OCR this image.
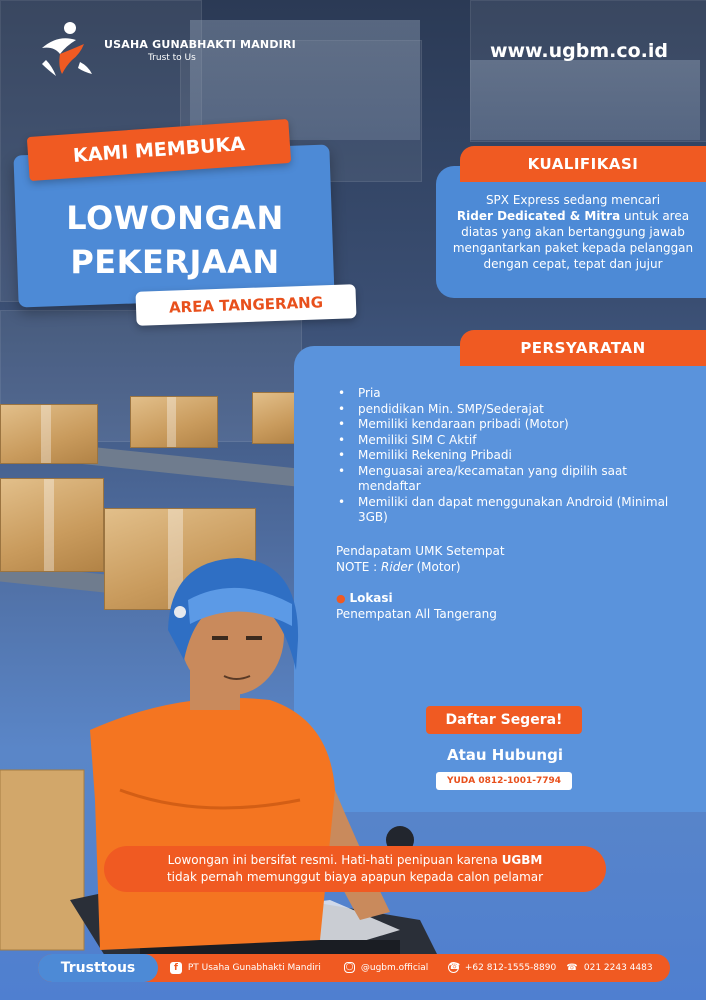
USAHA GUNABHAKTI MANDIRI
Trust to Us	www.ugbm.co.id
KAMI MEMBUKA
LOWONGAN
PEKERJAAN
AREA TANGERANG
KUALIFIKASI
SPX Express sedang mencari
Rider Dedicated & Mitra untuk area diatas yang akan bertanggung jawab mengantarkan paket kepada pelanggan dengan cepat, tepat dan jujur
PERSYARATAN
• Pria
• pendidikan Min. SMP/Sederajat
• Memiliki kendaraan pribadi (Motor)
• Memiliki SIM C Aktif
• Memiliki Rekening Pribadi
• Menguasai area/kecamatan yang dipilih saat mendaftar
• Memiliki dan dapat menggunakan Android (Minimal 3GB)
Pendapatam UMK Setempat
NOTE : Rider (Motor)
● Lokasi
Penempatan All Tangerang
Daftar Segera!
Atau Hubungi
YUDA 0812-1001-7794
Lowongan ini bersifat resmi. Hati-hati penipuan karena UGBM
tidak pernah memunggut biaya apapun kepada calon pelamar
Trusttous	f PT Usaha Gunabhakti Mandiri	○ @ugbm.official ☎ +62 812-1555-8890 ☎ 021 2243 4483
